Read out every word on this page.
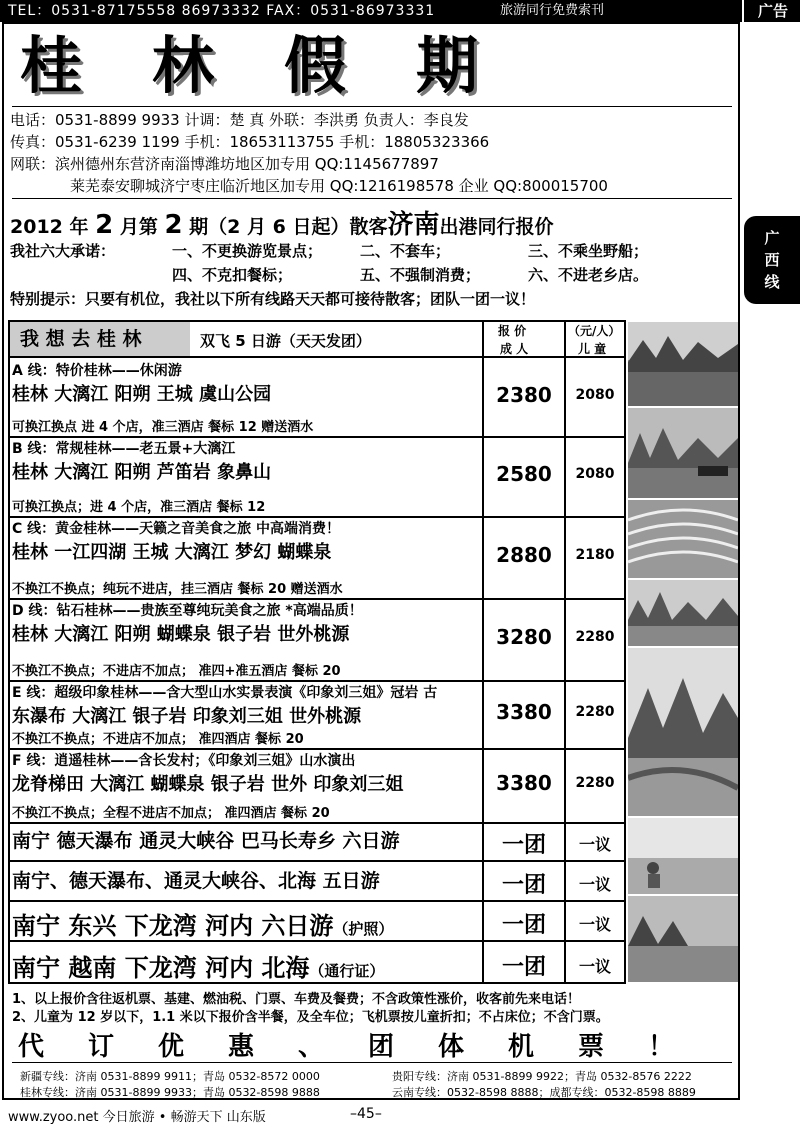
TEL：0531-87175558 86973332 FAX：0531-86973331	旅游同行免费索刊	广告
桂林假期
电话：0531-8899 9933 计调：楚 真 外联：李洪勇 负责人：李良发
传真：0531-6239 1199 手机：18653113755 手机：18805323366
网联：滨州德州东营济南淄博潍坊地区加专用 QQ:1145677897
莱芜泰安聊城济宁枣庄临沂地区加专用 QQ:1216198578 企业 QQ:800015700
2012 年 2 月第 2 期（2 月 6 日起）散客济南出港同行报价
我社六大承诺：	一、不更换游览景点；	二、不套车；	三、不乘坐野船；
四、不克扣餐标；	五、不强制消费；	六、不进老乡店。
特别提示：只要有机位，我社以下所有线路天天都可接待散客；团队一团一议！
广
西
线
我 想 去 桂 林	双飞 5 日游（天天发团）
报 价	（元/人）
成 人	儿 童
A 线：特价桂林——休闲游
桂林 大漓江 阳朔 王城 虞山公园
可换江换点 进 4 个店，准三酒店 餐标 12 赠送酒水
2380	2080
B 线：常规桂林——老五景+大漓江
桂林 大漓江 阳朔 芦笛岩 象鼻山
可换江换点；进 4 个店，准三酒店 餐标 12
2580	2080
C 线：黄金桂林——天籁之音美食之旅 中高端消费！
桂林 一江四湖 王城 大漓江 梦幻 蝴蝶泉
不换江不换点；纯玩不进店，挂三酒店 餐标 20 赠送酒水
2880	2180
D 线：钻石桂林——贵族至尊纯玩美食之旅 *高端品质！
桂林 大漓江 阳朔 蝴蝶泉 银子岩 世外桃源
不换江不换点；不进店不加点； 准四+准五酒店 餐标 20
3280	2280
E 线：超级印象桂林——含大型山水实景表演《印象刘三姐》冠岩 古
东瀑布 大漓江 银子岩 印象刘三姐 世外桃源
不换江不换点；不进店不加点； 准四酒店 餐标 20
3380	2280
F 线：逍遥桂林——含长发村；《印象刘三姐》山水演出
龙脊梯田 大漓江 蝴蝶泉 银子岩 世外 印象刘三姐
不换江不换点；全程不进店不加点； 准四酒店 餐标 20
3380	2280
南宁 德天瀑布 通灵大峡谷 巴马长寿乡 六日游	一团	一议
南宁、德天瀑布、通灵大峡谷、北海 五日游	一团	一议
南宁 东兴 下龙湾 河内 六日游（护照）	一团	一议
南宁 越南 下龙湾 河内 北海（通行证）	一团	一议
1、以上报价含往返机票、基建、燃油税、门票、车费及餐费；不含政策性涨价，收客前先来电话！
2、儿童为 12 岁以下，1.1 米以下报价含半餐，及全车位；飞机票按儿童折扣；不占床位；不含门票。
代订优惠、团体机票！
新疆专线：济南 0531-8899 9911；青岛 0532-8572 0000	贵阳专线：济南 0531-8899 9922；青岛 0532-8576 2222
桂林专线：济南 0531-8899 9933；青岛 0532-8598 9888	云南专线：0532-8598 8888；成都专线：0532-8598 8889
www.zyoo.net 今日旅游 • 畅游天下 山东版	–45–
